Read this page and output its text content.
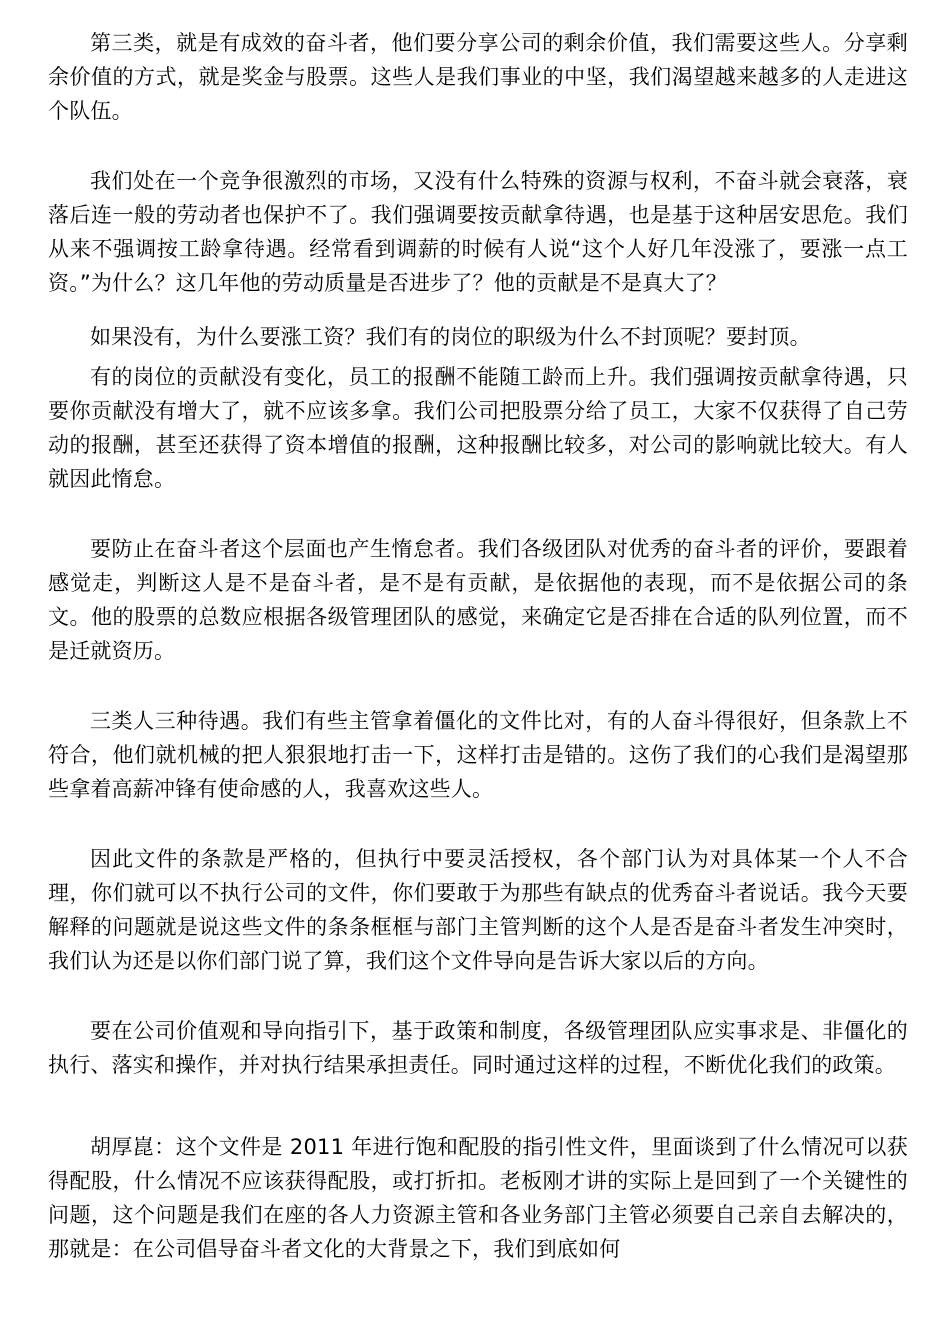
第三类，就是有成效的奋斗者，他们要分享公司的剩余价值，我们需要这些人。分享剩余价值的方式，就是奖金与股票。这些人是我们事业的中坚，我们渴望越来越多的人走进这个队伍。

我们处在一个竞争很激烈的市场，又没有什么特殊的资源与权利，不奋斗就会衰落，衰落后连一般的劳动者也保护不了。我们强调要按贡献拿待遇，也是基于这种居安思危。我们从来不强调按工龄拿待遇。经常看到调薪的时候有人说“这个人好几年没涨了，要涨一点工资。”为什么？这几年他的劳动质量是否进步了？他的贡献是不是真大了？

如果没有，为什么要涨工资？我们有的岗位的职级为什么不封顶呢？要封顶。

有的岗位的贡献没有变化，员工的报酬不能随工龄而上升。我们强调按贡献拿待遇，只要你贡献没有增大了，就不应该多拿。我们公司把股票分给了员工，大家不仅获得了自己劳动的报酬，甚至还获得了资本增值的报酬，这种报酬比较多，对公司的影响就比较大。有人就因此惰怠。

要防止在奋斗者这个层面也产生惰怠者。我们各级团队对优秀的奋斗者的评价，要跟着感觉走，判断这人是不是奋斗者，是不是有贡献，是依据他的表现，而不是依据公司的条文。他的股票的总数应根据各级管理团队的感觉，来确定它是否排在合适的队列位置，而不是迁就资历。

三类人三种待遇。我们有些主管拿着僵化的文件比对，有的人奋斗得很好，但条款上不符合，他们就机械的把人狠狠地打击一下，这样打击是错的。这伤了我们的心我们是渴望那些拿着高薪冲锋有使命感的人，我喜欢这些人。

因此文件的条款是严格的，但执行中要灵活授权，各个部门认为对具体某一个人不合理，你们就可以不执行公司的文件，你们要敢于为那些有缺点的优秀奋斗者说话。我今天要解释的问题就是说这些文件的条条框框与部门主管判断的这个人是否是奋斗者发生冲突时，我们认为还是以你们部门说了算，我们这个文件导向是告诉大家以后的方向。

要在公司价值观和导向指引下，基于政策和制度，各级管理团队应实事求是、非僵化的执行、落实和操作，并对执行结果承担责任。同时通过这样的过程，不断优化我们的政策。

胡厚崑：这个文件是 2011 年进行饱和配股的指引性文件，里面谈到了什么情况可以获得配股，什么情况不应该获得配股，或打折扣。老板刚才讲的实际上是回到了一个关键性的问题，这个问题是我们在座的各人力资源主管和各业务部门主管必须要自己亲自去解决的，那就是：在公司倡导奋斗者文化的大背景之下，我们到底如何
